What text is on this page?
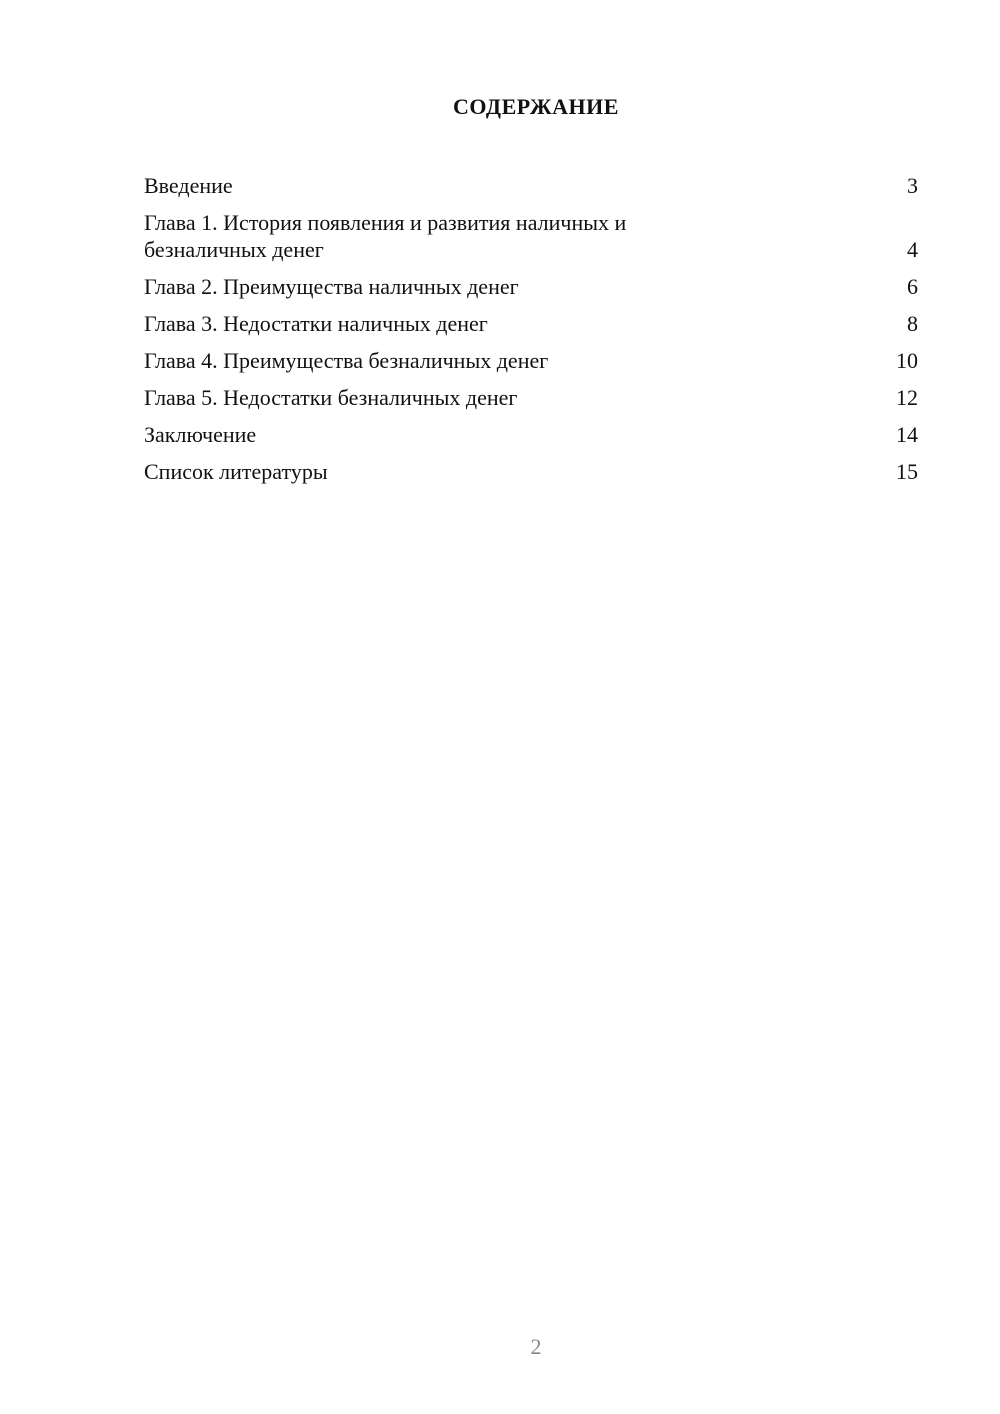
СОДЕРЖАНИЕ
Введение	3
Глава 1. История появления и развития наличных и безналичных денег	4
Глава 2. Преимущества наличных денег	6
Глава 3. Недостатки наличных денег	8
Глава 4. Преимущества безналичных денег	10
Глава 5. Недостатки безналичных денег	12
Заключение	14
Список литературы	15
2
